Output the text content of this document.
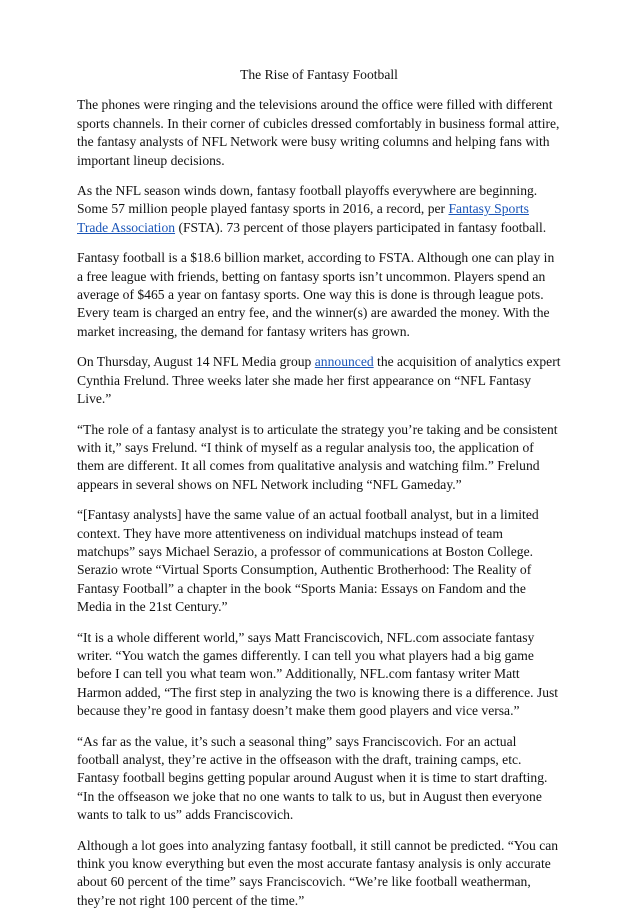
The Rise of Fantasy Football

The phones were ringing and the televisions around the office were filled with different sports channels. In their corner of cubicles dressed comfortably in business formal attire, the fantasy analysts of NFL Network were busy writing columns and helping fans with important lineup decisions.

As the NFL season winds down, fantasy football playoffs everywhere are beginning. Some 57 million people played fantasy sports in 2016, a record, per Fantasy Sports Trade Association (FSTA). 73 percent of those players participated in fantasy football.

Fantasy football is a $18.6 billion market, according to FSTA. Although one can play in a free league with friends, betting on fantasy sports isn’t uncommon. Players spend an average of $465 a year on fantasy sports. One way this is done is through league pots. Every team is charged an entry fee, and the winner(s) are awarded the money. With the market increasing, the demand for fantasy writers has grown.

On Thursday, August 14 NFL Media group announced the acquisition of analytics expert Cynthia Frelund. Three weeks later she made her first appearance on “NFL Fantasy Live.”

“The role of a fantasy analyst is to articulate the strategy you’re taking and be consistent with it,” says Frelund. “I think of myself as a regular analysis too, the application of them are different. It all comes from qualitative analysis and watching film.” Frelund appears in several shows on NFL Network including “NFL Gameday.”

“[Fantasy analysts] have the same value of an actual football analyst, but in a limited context. They have more attentiveness on individual matchups instead of team matchups” says Michael Serazio, a professor of communications at Boston College. Serazio wrote “Virtual Sports Consumption, Authentic Brotherhood: The Reality of Fantasy Football” a chapter in the book “Sports Mania: Essays on Fandom and the Media in the 21st Century.”

“It is a whole different world,” says Matt Franciscovich, NFL.com associate fantasy writer. “You watch the games differently. I can tell you what players had a big game before I can tell you what team won.” Additionally, NFL.com fantasy writer Matt Harmon added, “The first step in analyzing the two is knowing there is a difference. Just because they’re good in fantasy doesn’t make them good players and vice versa.”

“As far as the value, it’s such a seasonal thing” says Franciscovich. For an actual football analyst, they’re active in the offseason with the draft, training camps, etc. Fantasy football begins getting popular around August when it is time to start drafting. “In the offseason we joke that no one wants to talk to us, but in August then everyone wants to talk to us” adds Franciscovich.

Although a lot goes into analyzing fantasy football, it still cannot be predicted. “You can think you know everything but even the most accurate fantasy analysis is only accurate about 60 percent of the time” says Franciscovich. “We’re like football weatherman, they’re not right 100 percent of the time.”
